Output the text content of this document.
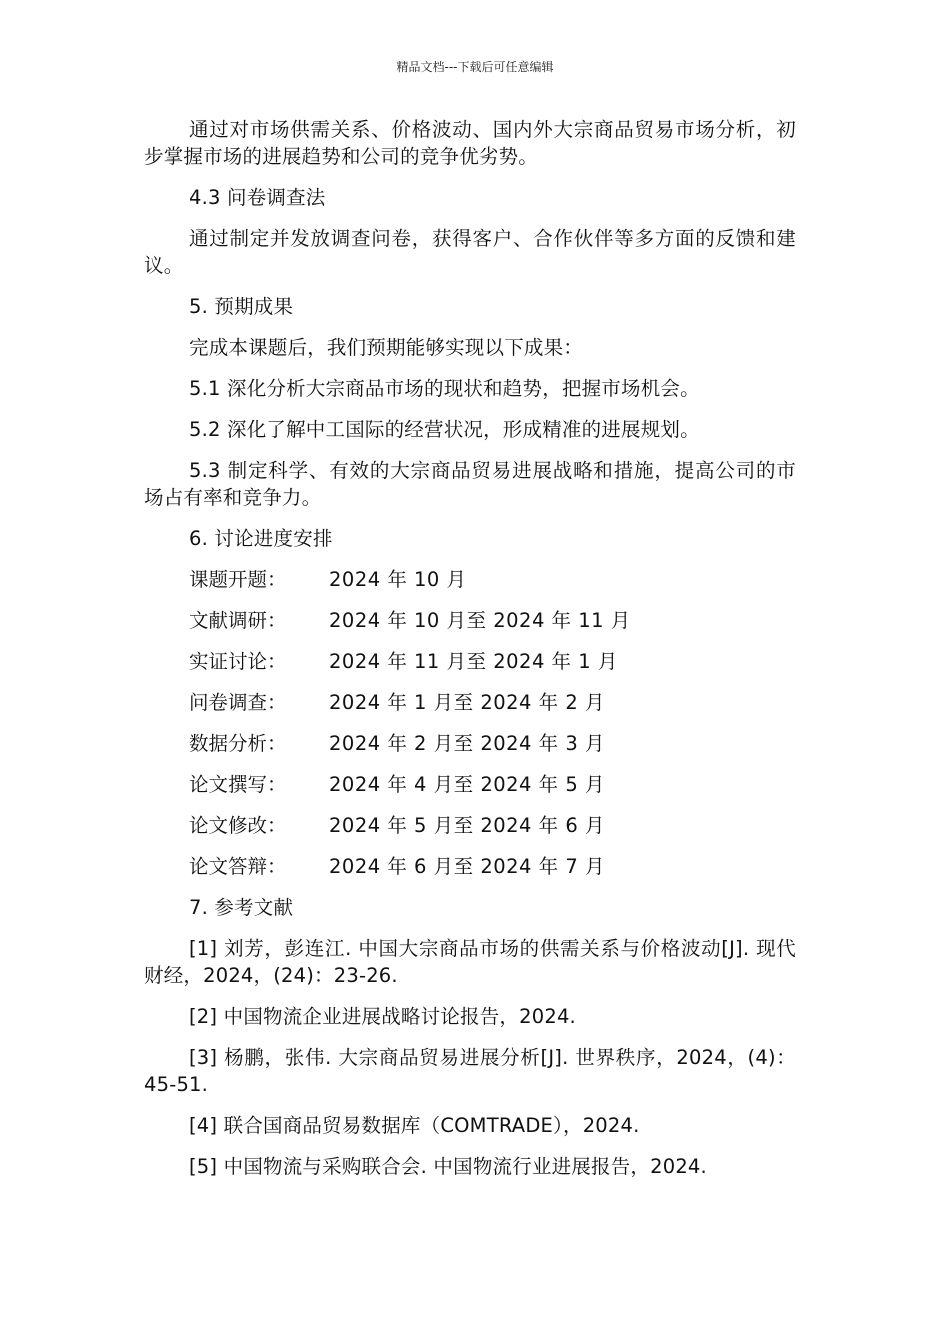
精品文档---下载后可任意编辑

通过对市场供需关系、价格波动、国内外大宗商品贸易市场分析，初步掌握市场的进展趋势和公司的竞争优劣势。

4.3 问卷调查法

通过制定并发放调查问卷，获得客户、合作伙伴等多方面的反馈和建议。

5. 预期成果

完成本课题后，我们预期能够实现以下成果：

5.1 深化分析大宗商品市场的现状和趋势，把握市场机会。

5.2 深化了解中工国际的经营状况，形成精准的进展规划。

5.3 制定科学、有效的大宗商品贸易进展战略和措施，提高公司的市场占有率和竞争力。

6. 讨论进度安排

课题开题：	2024 年 10 月
文献调研：	2024 年 10 月至 2024 年 11 月
实证讨论：	2024 年 11 月至 2024 年 1 月
问卷调查：	2024 年 1 月至 2024 年 2 月
数据分析：	2024 年 2 月至 2024 年 3 月
论文撰写：	2024 年 4 月至 2024 年 5 月
论文修改：	2024 年 5 月至 2024 年 6 月
论文答辩：	2024 年 6 月至 2024 年 7 月

7. 参考文献

[1] 刘芳，彭连江. 中国大宗商品市场的供需关系与价格波动[J]. 现代财经，2024，(24)：23-26.

[2] 中国物流企业进展战略讨论报告，2024.

[3] 杨鹏，张伟. 大宗商品贸易进展分析[J]. 世界秩序，2024，(4)：45-51.

[4] 联合国商品贸易数据库（COMTRADE），2024.

[5] 中国物流与采购联合会. 中国物流行业进展报告，2024.
